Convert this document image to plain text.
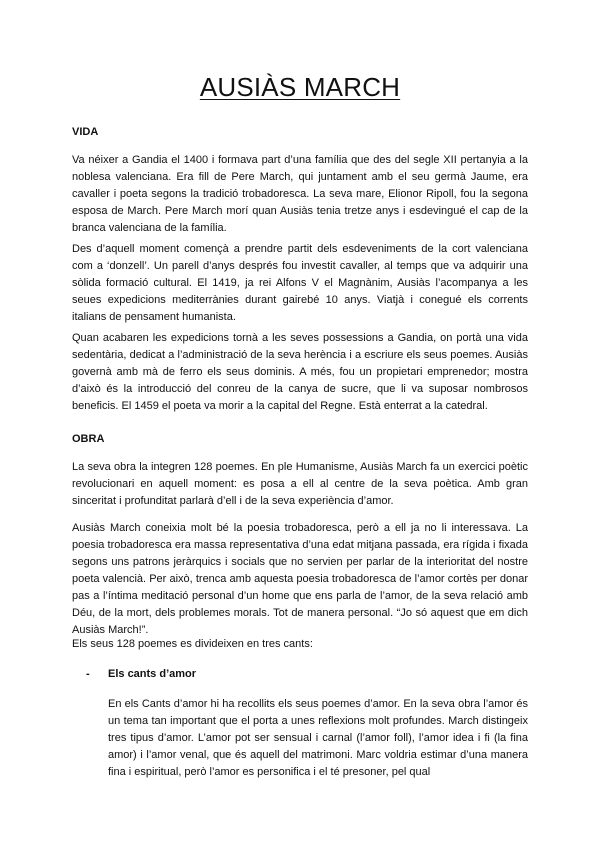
AUSIÀS MARCH
VIDA
Va néixer a Gandia el 1400 i formava part d’una família que des del segle XII pertanyia a la noblesa valenciana. Era fill de Pere March, qui juntament amb el seu germà Jaume, era cavaller i poeta segons la tradició trobadoresca. La seva mare, Elionor Ripoll, fou la segona esposa de March. Pere March morí quan Ausiàs tenia tretze anys i esdevingué el cap de la branca valenciana de la família.
Des d’aquell moment començà a prendre partit dels esdeveniments de la cort valenciana com a ‘donzell’. Un parell d’anys després fou investit cavaller, al temps que va adquirir una sòlida formació cultural. El 1419, ja rei Alfons V el Magnànim, Ausiàs l’acompanya a les seues expedicions mediterrànies durant gairebé 10 anys. Viatjà i conegué els corrents italians de pensament humanista.
Quan acabaren les expedicions tornà a les seves possessions a Gandia, on portà una vida sedentària, dedicat a l’administració de la seva herència i a escriure els seus poemes. Ausiàs governà amb mà de ferro els seus dominis. A més, fou un propietari emprenedor; mostra d’això és la introducció del conreu de la canya de sucre, que li va suposar nombrosos beneficis. El 1459 el poeta va morir a la capital del Regne. Està enterrat a la catedral.
OBRA
La seva obra la integren 128 poemes. En ple Humanisme, Ausiàs March fa un exercici poètic revolucionari en aquell moment: es posa a ell al centre de la seva poètica. Amb gran sinceritat i profunditat parlarà d’ell i de la seva experiència d’amor.
Ausiàs March coneixia molt bé la poesia trobadoresca, però a ell ja no li interessava. La poesia trobadoresca era massa representativa d’una edat mitjana passada, era rígida i fixada segons uns patrons jeràrquics i socials que no servien per parlar de la interioritat del nostre poeta valencià. Per això, trenca amb aquesta poesia trobadoresca de l’amor cortès per donar pas a l’íntima meditació personal d’un home que ens parla de l’amor, de la seva relació amb Déu, de la mort, dels problemes morals. Tot de manera personal. “Jo só aquest que em dich Ausiàs March!”.
Els seus 128 poemes es divideixen en tres cants:
- Els cants d’amor
En els Cants d’amor hi ha recollits els seus poemes d’amor. En la seva obra l’amor és un tema tan important que el porta a unes reflexions molt profundes. March distingeix tres tipus d’amor. L’amor pot ser sensual i carnal (l’amor foll), l’amor idea i fi (la fina amor) i l’amor venal, que és aquell del matrimoni. Marc voldria estimar d’una manera fina i espiritual, però l’amor es personifica i el té presoner, pel qual
